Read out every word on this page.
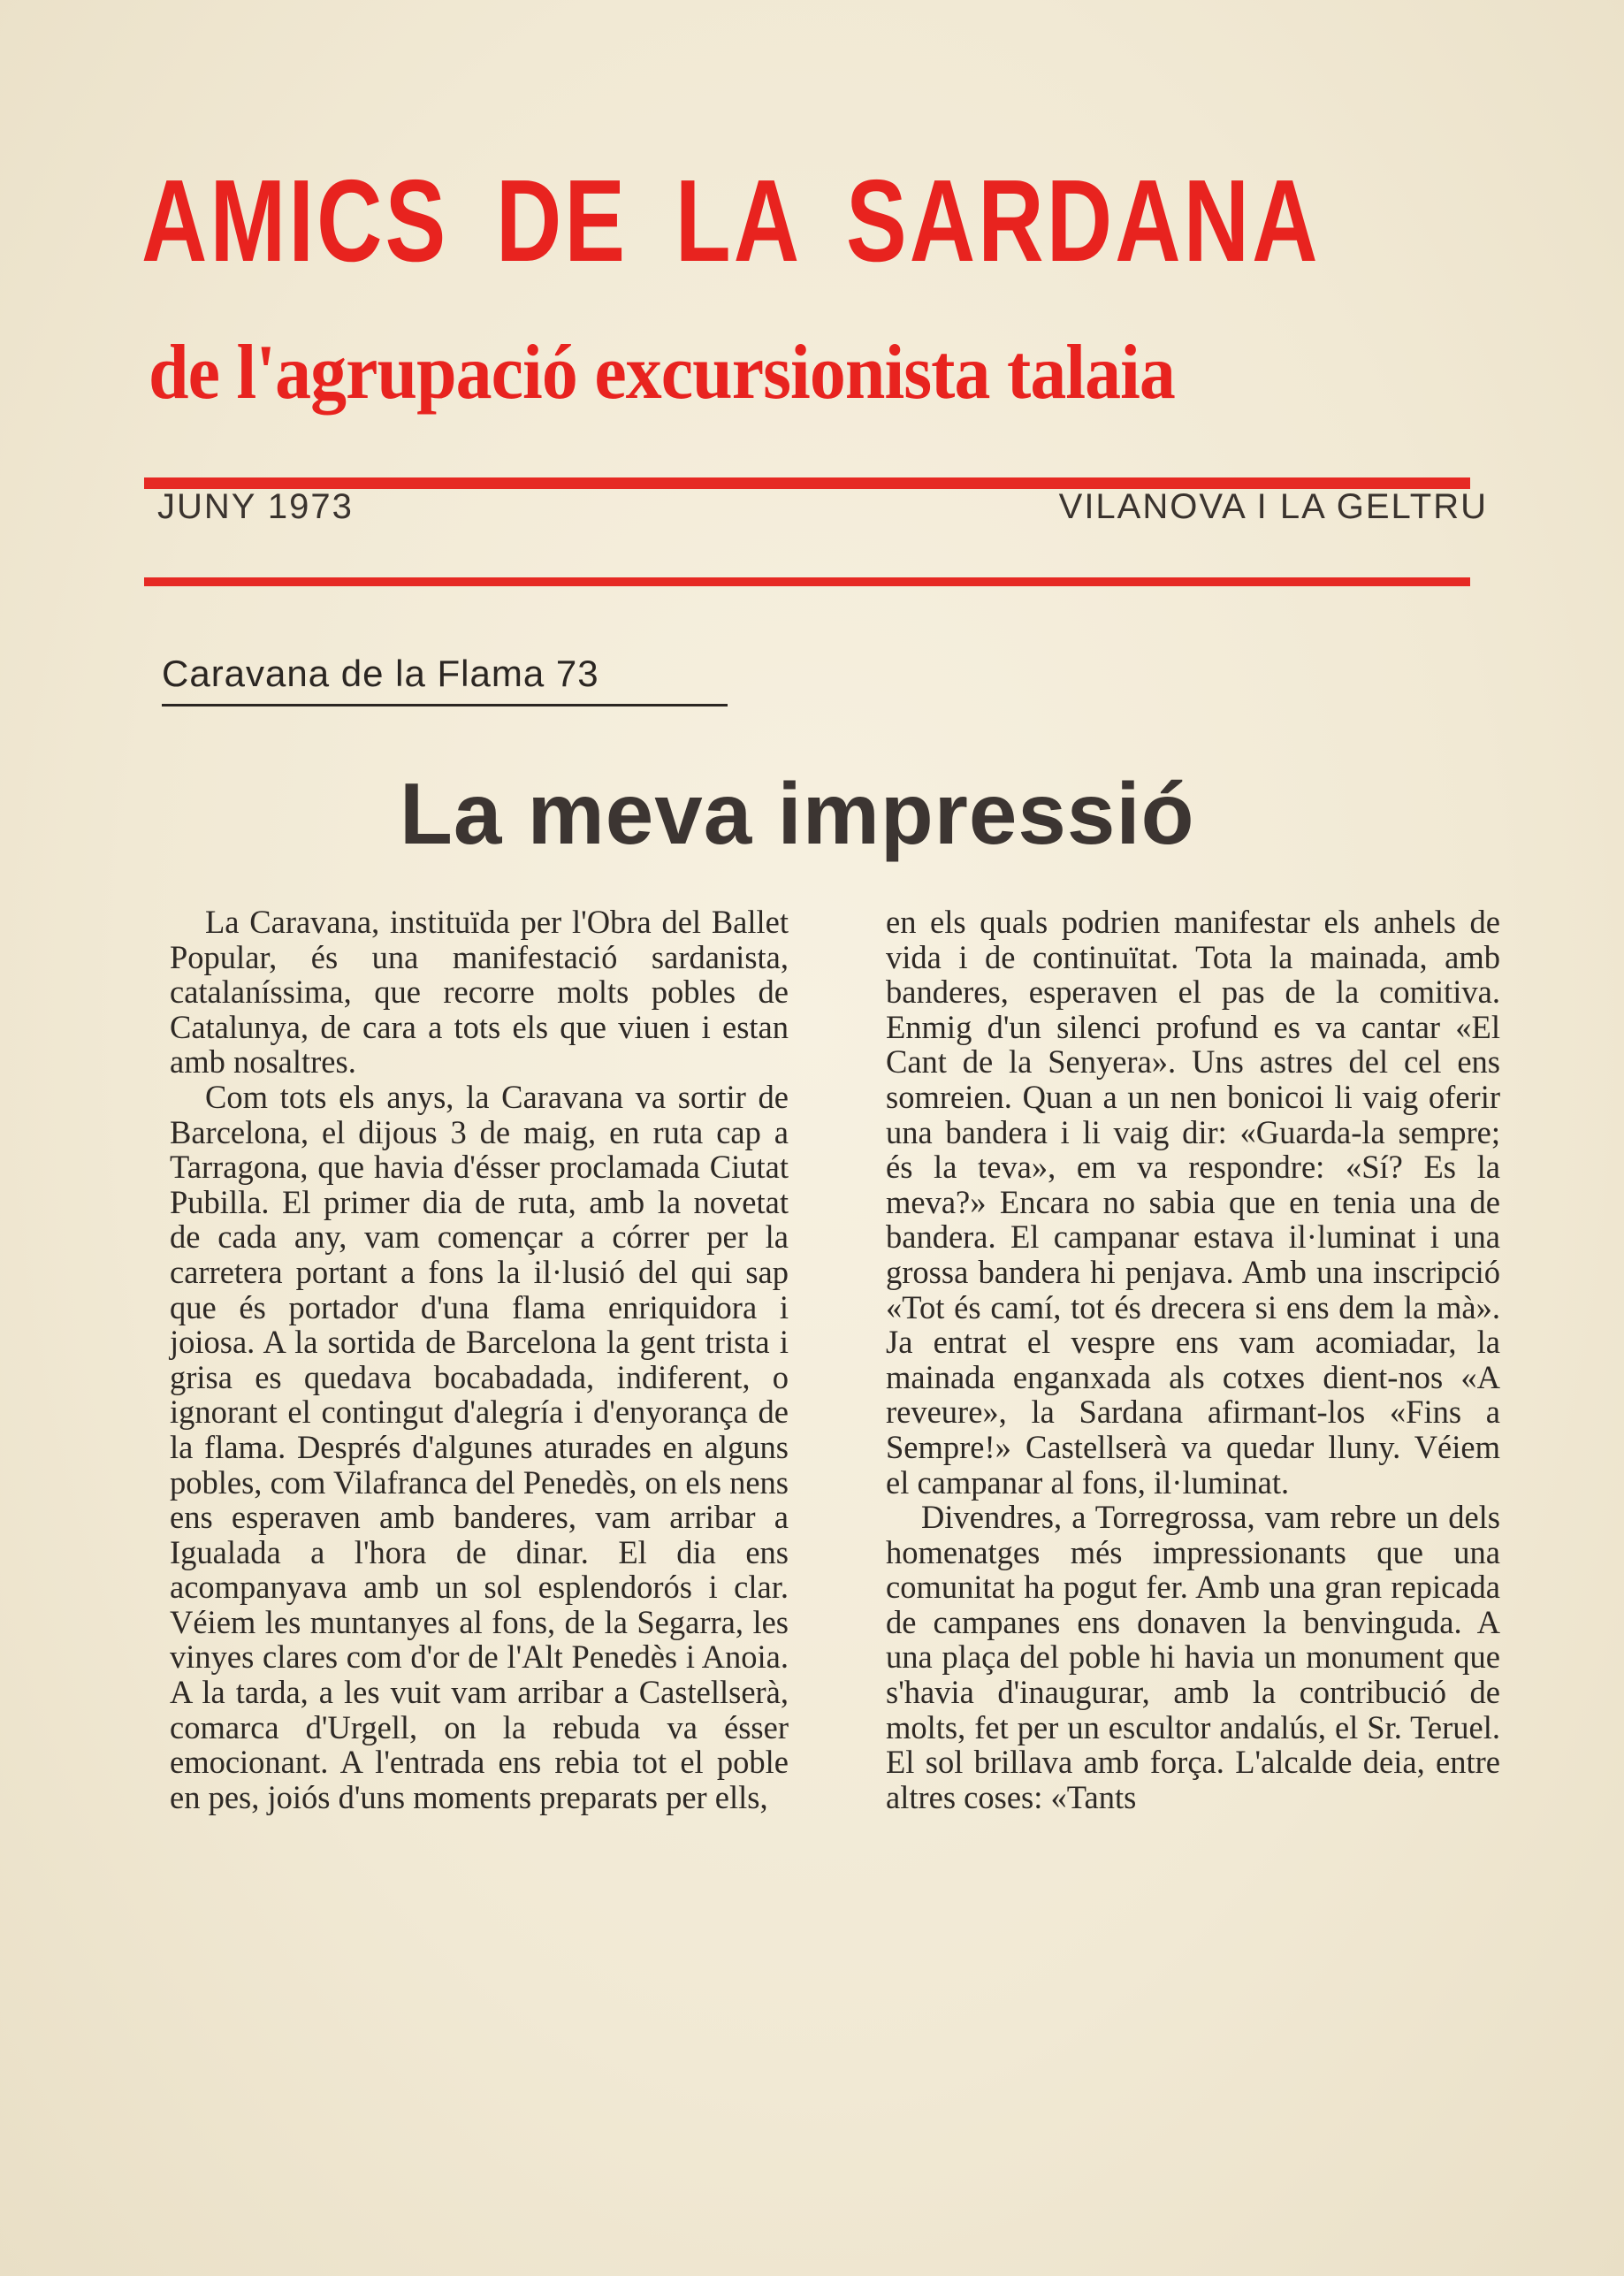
AMICS DE LA SARDANA
de l'agrupació excursionista talaia
JUNY 1973	VILANOVA I LA GELTRU
Caravana de la Flama 73
La meva impressió

La Caravana, instituïda per l'Obra del Ballet Popular, és una manifestació sardanista, catalaníssima, que recorre molts pobles de Catalunya, de cara a tots els que viuen i estan amb nosaltres.

Com tots els anys, la Caravana va sortir de Barcelona, el dijous 3 de maig, en ruta cap a Tarragona, que havia d'ésser proclamada Ciutat Pubilla. El primer dia de ruta, amb la novetat de cada any, vam començar a córrer per la carretera portant a fons la il·lusió del qui sap que és portador d'una flama enriquidora i joiosa. A la sortida de Barcelona la gent trista i grisa es quedava bocabadada, indiferent, o ignorant el contingut d'alegría i d'enyorança de la flama. Després d'algunes aturades en alguns pobles, com Vilafranca del Penedès, on els nens ens esperaven amb banderes, vam arribar a Igualada a l'hora de dinar. El dia ens acompanyava amb un sol esplendorós i clar. Véiem les muntanyes al fons, de la Segarra, les vinyes clares com d'or de l'Alt Penedès i Anoia. A la tarda, a les vuit vam arribar a Castellserà, comarca d'Urgell, on la rebuda va ésser emocionant. A l'entrada ens rebia tot el poble en pes, joiós d'uns moments preparats per ells,

en els quals podrien manifestar els anhels de vida i de continuïtat. Tota la mainada, amb banderes, esperaven el pas de la comitiva. Enmig d'un silenci profund es va cantar «El Cant de la Senyera». Uns astres del cel ens somreien. Quan a un nen bonicoi li vaig oferir una bandera i li vaig dir: «Guarda-la sempre; és la teva», em va respondre: «Sí? Es la meva?» Encara no sabia que en tenia una de bandera. El campanar estava il·luminat i una grossa bandera hi penjava. Amb una inscripció «Tot és camí, tot és drecera si ens dem la mà». Ja entrat el vespre ens vam acomiadar, la mainada enganxada als cotxes dient-nos «A reveure», la Sardana afirmant-los «Fins a Sempre!» Castellserà va quedar lluny. Véiem el campanar al fons, il·luminat.

Divendres, a Torregrossa, vam rebre un dels homenatges més impressionants que una comunitat ha pogut fer. Amb una gran repicada de campanes ens donaven la benvinguda. A una plaça del poble hi havia un monument que s'havia d'inaugurar, amb la contribució de molts, fet per un escultor andalús, el Sr. Teruel. El sol brillava amb força. L'alcalde deia, entre altres coses: «Tants
